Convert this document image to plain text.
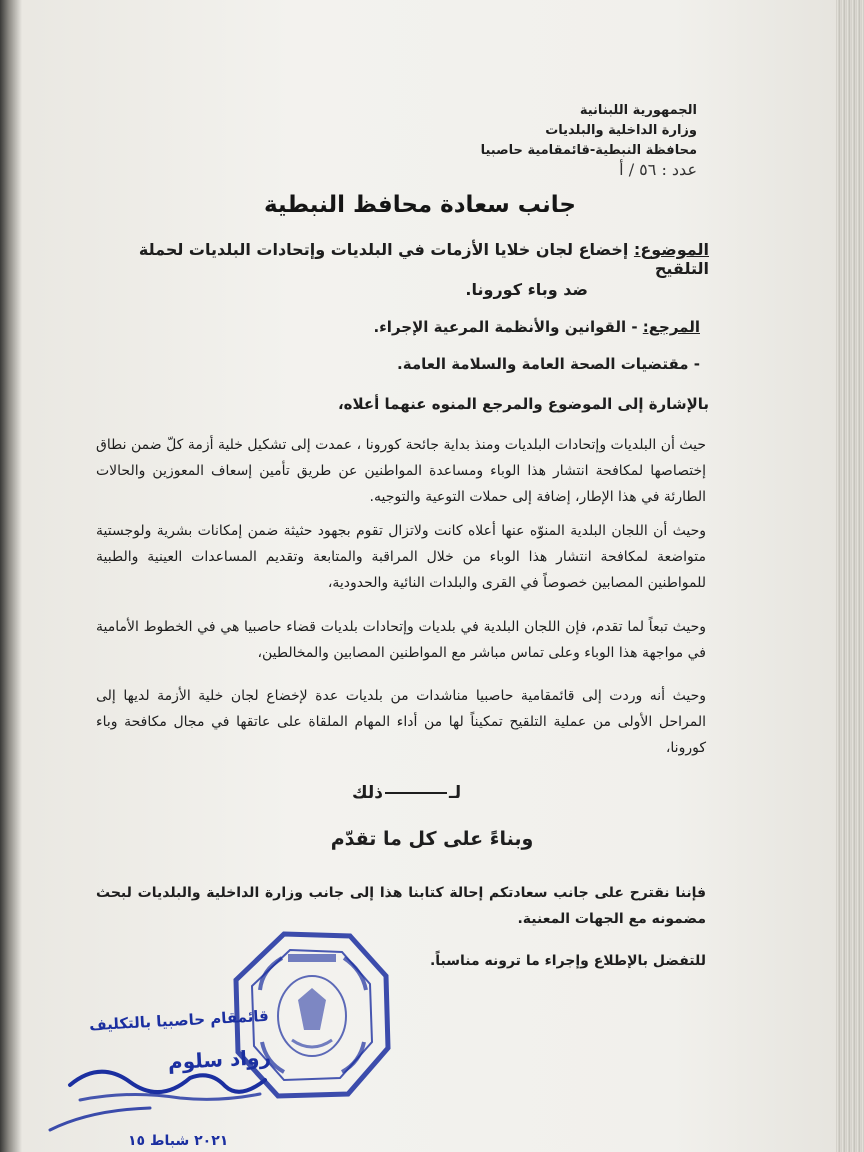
الجمهورية اللبنانية
وزارة الداخلية والبلديات
محافظة النبطية-قائمقامية حاصبيا
عدد : ٥٦ / أ
جانب سعادة محافظ النبطية
الموضوع: إخضاع لجان خلايا الأزمات في البلديات وإتحادات البلديات لحملة التلقيح
ضد وباء كورونا.
المرجع: - القوانين والأنظمة المرعية الإجراء.
- مقتضيات الصحة العامة والسلامة العامة.
بالإشارة إلى الموضوع والمرجع المنوه عنهما أعلاه،
حيث أن البلديات وإتحادات البلديات ومنذ بداية جائحة كورونا ، عمدت إلى تشكيل خلية أزمة كلّ ضمن نطاق إختصاصها لمكافحة انتشار هذا الوباء ومساعدة المواطنين عن طريق تأمين إسعاف المعوزين والحالات الطارئة في هذا الإطار، إضافة إلى حملات التوعية والتوجيه.
وحيث أن اللجان البلدية المنوّه عنها أعلاه كانت ولاتزال تقوم بجهود حثيثة ضمن إمكانات بشرية ولوجستية متواضعة لمكافحة انتشار هذا الوباء من خلال المراقبة والمتابعة وتقديم المساعدات العينية والطبية للمواطنين المصابين خصوصاً في القرى والبلدات النائية والحدودية،
وحيث تبعاً لما تقدم، فإن اللجان البلدية في بلديات وإتحادات بلديات قضاء حاصبيا هي في الخطوط الأمامية في مواجهة هذا الوباء وعلى تماس مباشر مع المواطنين المصابين والمخالطين،
وحيث أنه وردت إلى قائمقامية حاصبيا مناشدات من بلديات عدة لإخضاع لجان خلية الأزمة لديها إلى المراحل الأولى من عملية التلقيح تمكيناً لها من أداء المهام الملقاة على عاتقها في مجال مكافحة وباء كورونا،
لـذلك
وبناءً على كل ما تقدّم
فإننا نقترح على جانب سعادتكم إحالة كتابنا هذا إلى جانب وزارة الداخلية والبلديات لبحث مضمونه مع الجهات المعنية.
للتفضل بالإطلاع وإجراء ما ترونه مناسباً.
قائمقام حاصبيا بالتكليف
رواد سلوم
٢٠٢١ شباط ١٥
